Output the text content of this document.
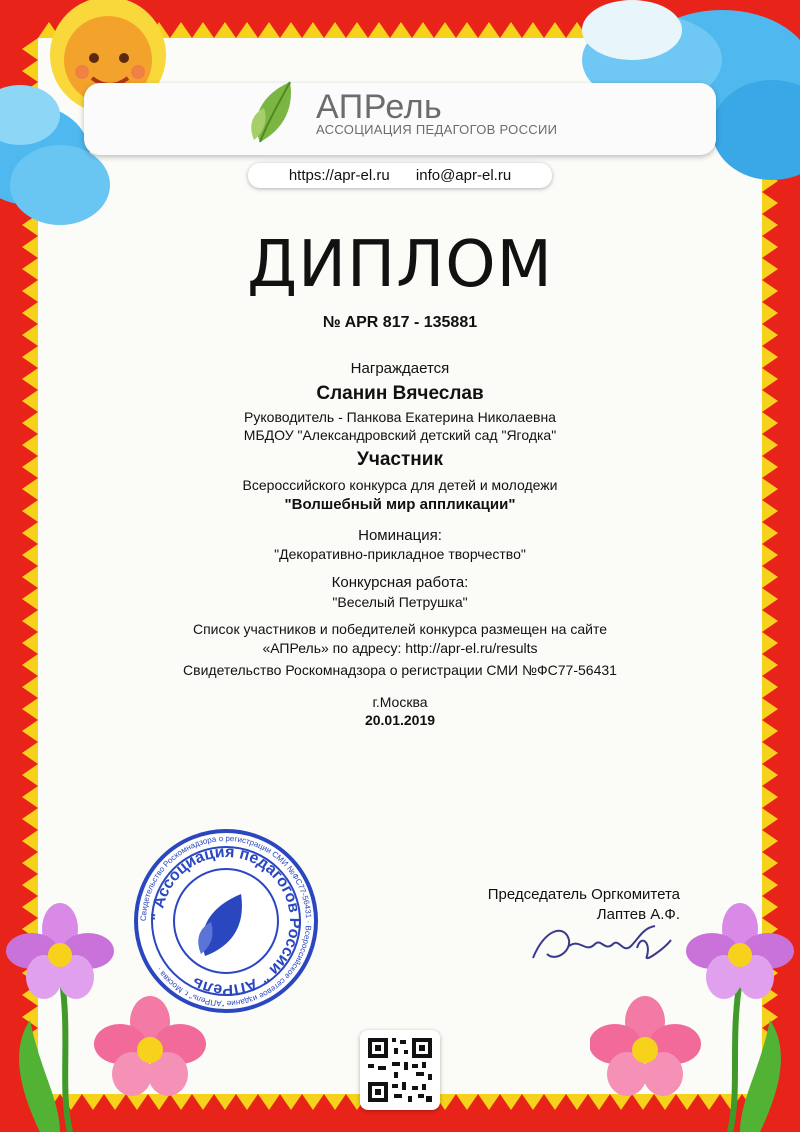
АПРель
АССОЦИАЦИЯ ПЕДАГОГОВ РОССИИ
https://apr-el.ru info@apr-el.ru
ДИПЛОМ
№ APR 817 - 135881
Награждается
Сланин Вячеслав
Руководитель - Панкова Екатерина Николаевна
МБДОУ "Александровский детский сад "Ягодка"
Участник
Всероссийского конкурса для детей и молодежи
"Волшебный мир аппликации"
Номинация:
"Декоративно-прикладное творчество"
Конкурсная работа:
"Веселый Петрушка"
Список участников и победителей конкурса размещен на сайте
«АПРель» по адресу: http://apr-el.ru/results
Свидетельство Роскомнадзора о регистрации СМИ №ФС77-56431
г.Москва
20.01.2019
Свидетельство Роскомнадзора о регистрации СМИ №ФС77-56431 · Всероссийское сетевое издание "АПРель" г. Москва ·
" Ассоциация педагогов России " АПРель
Председатель Оргкомитета
Лаптев А.Ф.
